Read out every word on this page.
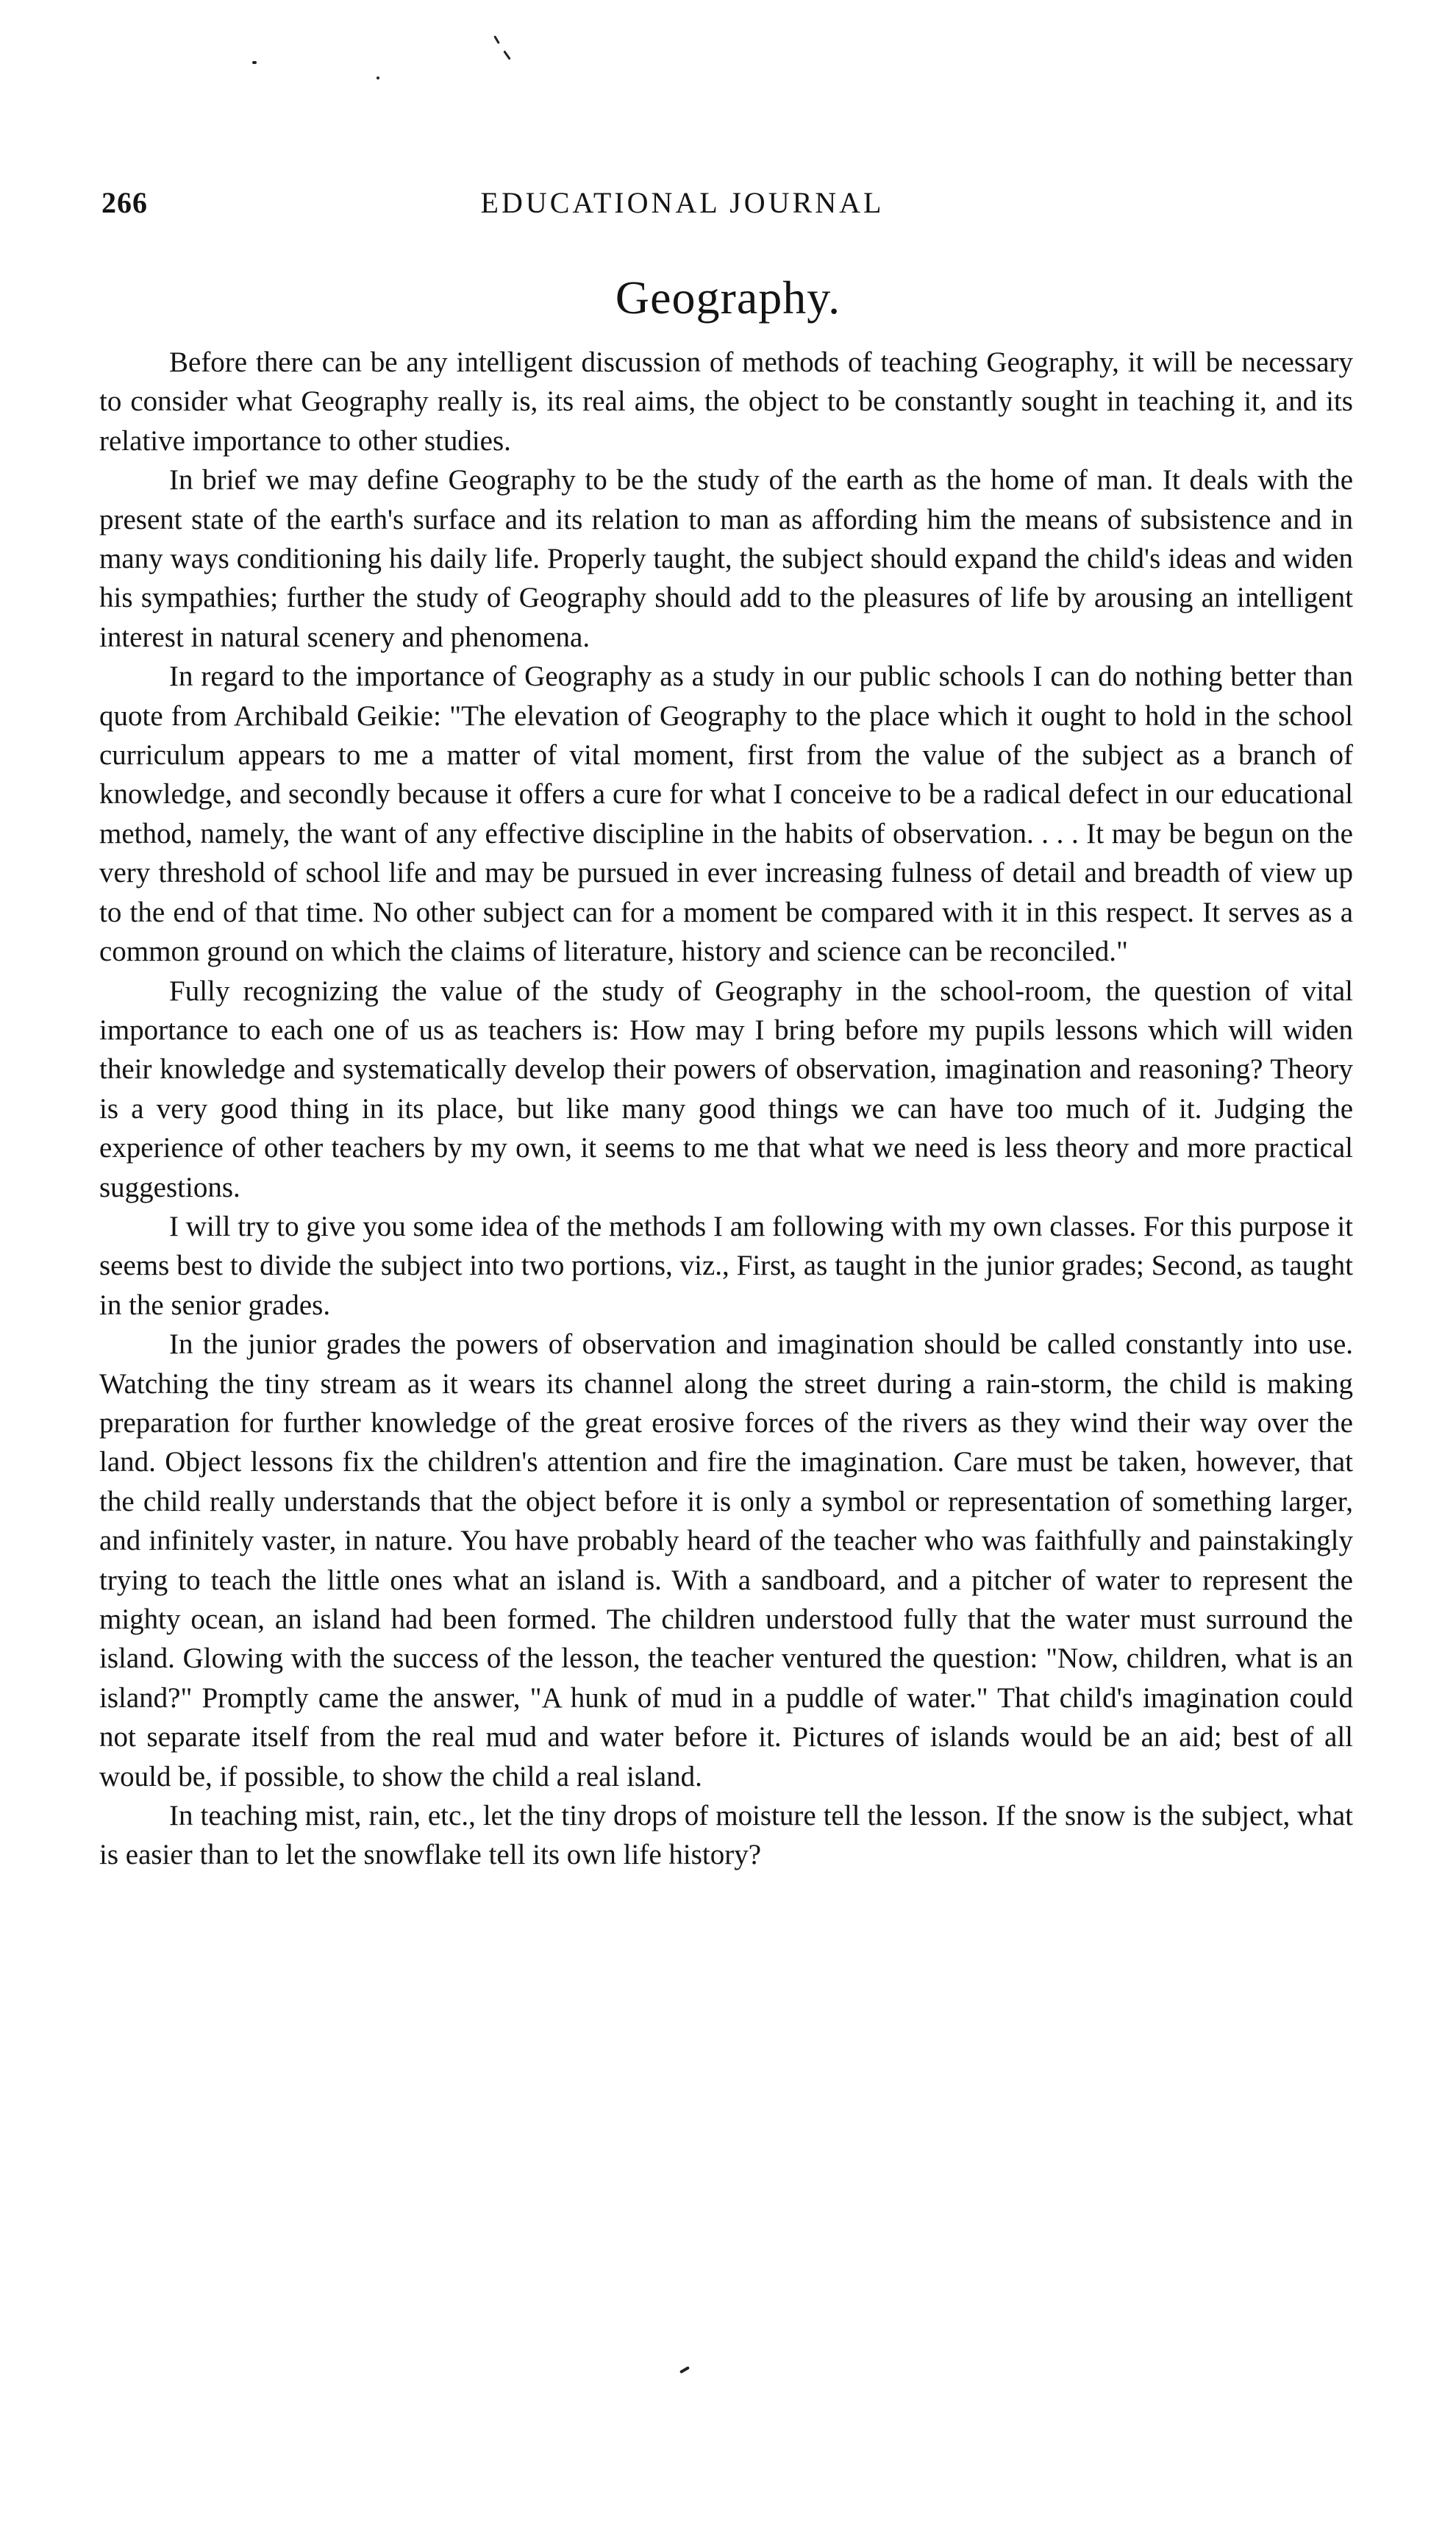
266	EDUCATIONAL JOURNAL
Geography.

Before there can be any intelligent discussion of methods of teaching Geography, it will be necessary to consider what Geography really is, its real aims, the object to be constantly sought in teaching it, and its relative importance to other studies.

In brief we may define Geography to be the study of the earth as the home of man. It deals with the present state of the earth's surface and its relation to man as affording him the means of subsistence and in many ways conditioning his daily life. Properly taught, the subject should expand the child's ideas and widen his sympathies; further the study of Geography should add to the pleasures of life by arousing an intelligent interest in natural scenery and phenomena.

In regard to the importance of Geography as a study in our public schools I can do nothing better than quote from Archibald Geikie: "The elevation of Geography to the place which it ought to hold in the school curriculum appears to me a matter of vital moment, first from the value of the subject as a branch of knowledge, and secondly because it offers a cure for what I conceive to be a radical defect in our educational method, namely, the want of any effective discipline in the habits of observation. . . . It may be begun on the very threshold of school life and may be pursued in ever increasing fulness of detail and breadth of view up to the end of that time. No other subject can for a moment be compared with it in this respect. It serves as a common ground on which the claims of literature, history and science can be reconciled."

Fully recognizing the value of the study of Geography in the school-room, the question of vital importance to each one of us as teachers is: How may I bring before my pupils lessons which will widen their knowledge and systematically develop their powers of observation, imagination and reasoning? Theory is a very good thing in its place, but like many good things we can have too much of it. Judging the experience of other teachers by my own, it seems to me that what we need is less theory and more practical suggestions.

I will try to give you some idea of the methods I am following with my own classes. For this purpose it seems best to divide the subject into two portions, viz., First, as taught in the junior grades; Second, as taught in the senior grades.

In the junior grades the powers of observation and imagination should be called constantly into use. Watching the tiny stream as it wears its channel along the street during a rain-storm, the child is making preparation for further knowledge of the great erosive forces of the rivers as they wind their way over the land. Object lessons fix the children's attention and fire the imagination. Care must be taken, however, that the child really understands that the object before it is only a symbol or representation of something larger, and infinitely vaster, in nature. You have probably heard of the teacher who was faithfully and painstakingly trying to teach the little ones what an island is. With a sandboard, and a pitcher of water to represent the mighty ocean, an island had been formed. The children understood fully that the water must surround the island. Glowing with the success of the lesson, the teacher ventured the question: "Now, children, what is an island?" Promptly came the answer, "A hunk of mud in a puddle of water." That child's imagination could not separate itself from the real mud and water before it. Pictures of islands would be an aid; best of all would be, if possible, to show the child a real island.

In teaching mist, rain, etc., let the tiny drops of moisture tell the lesson. If the snow is the subject, what is easier than to let the snowflake tell its own life history?
